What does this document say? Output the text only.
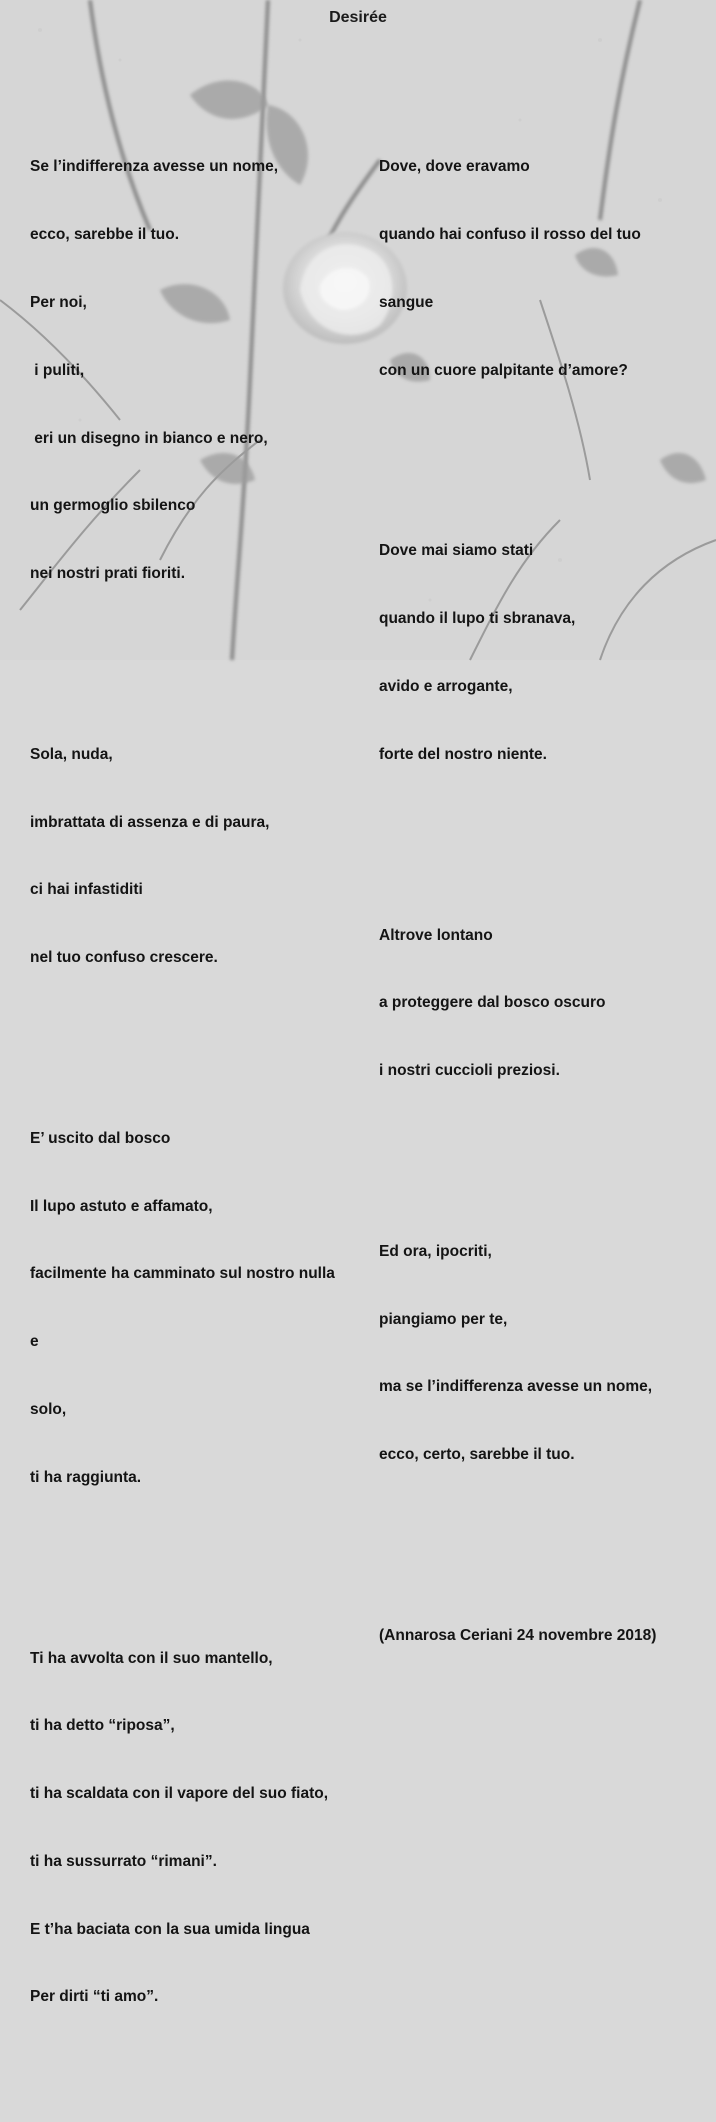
Desirée

Se l’indifferenza avesse un nome,

ecco, sarebbe il tuo.

Per noi,

i puliti,

eri un disegno in bianco e nero,

un germoglio sbilenco

nei nostri prati fioriti.

Sola, nuda,

imbrattata di assenza e di paura,

ci hai infastiditi

nel tuo confuso crescere.

E’ uscito dal bosco

Il lupo astuto e affamato,

facilmente ha camminato sul nostro nulla

e

solo,

ti ha raggiunta.

Ti ha avvolta con il suo mantello,

ti ha detto “riposa”,

ti ha scaldata con il vapore del suo fiato,

ti ha sussurrato “rimani”.

E t’ha baciata con la sua umida lingua

Per dirti “ti amo”.

Dove, dove eravamo

quando hai confuso il rosso del tuo

sangue

con un cuore palpitante d’amore?

Dove mai siamo stati

quando il lupo ti sbranava,

avido e arrogante,

forte del nostro niente.

Altrove lontano

a proteggere dal bosco oscuro

i nostri cuccioli preziosi.

Ed ora, ipocriti,

piangiamo per te,

ma se l’indifferenza avesse un nome,

ecco, certo, sarebbe il tuo.

(Annarosa Ceriani 24 novembre 2018)
